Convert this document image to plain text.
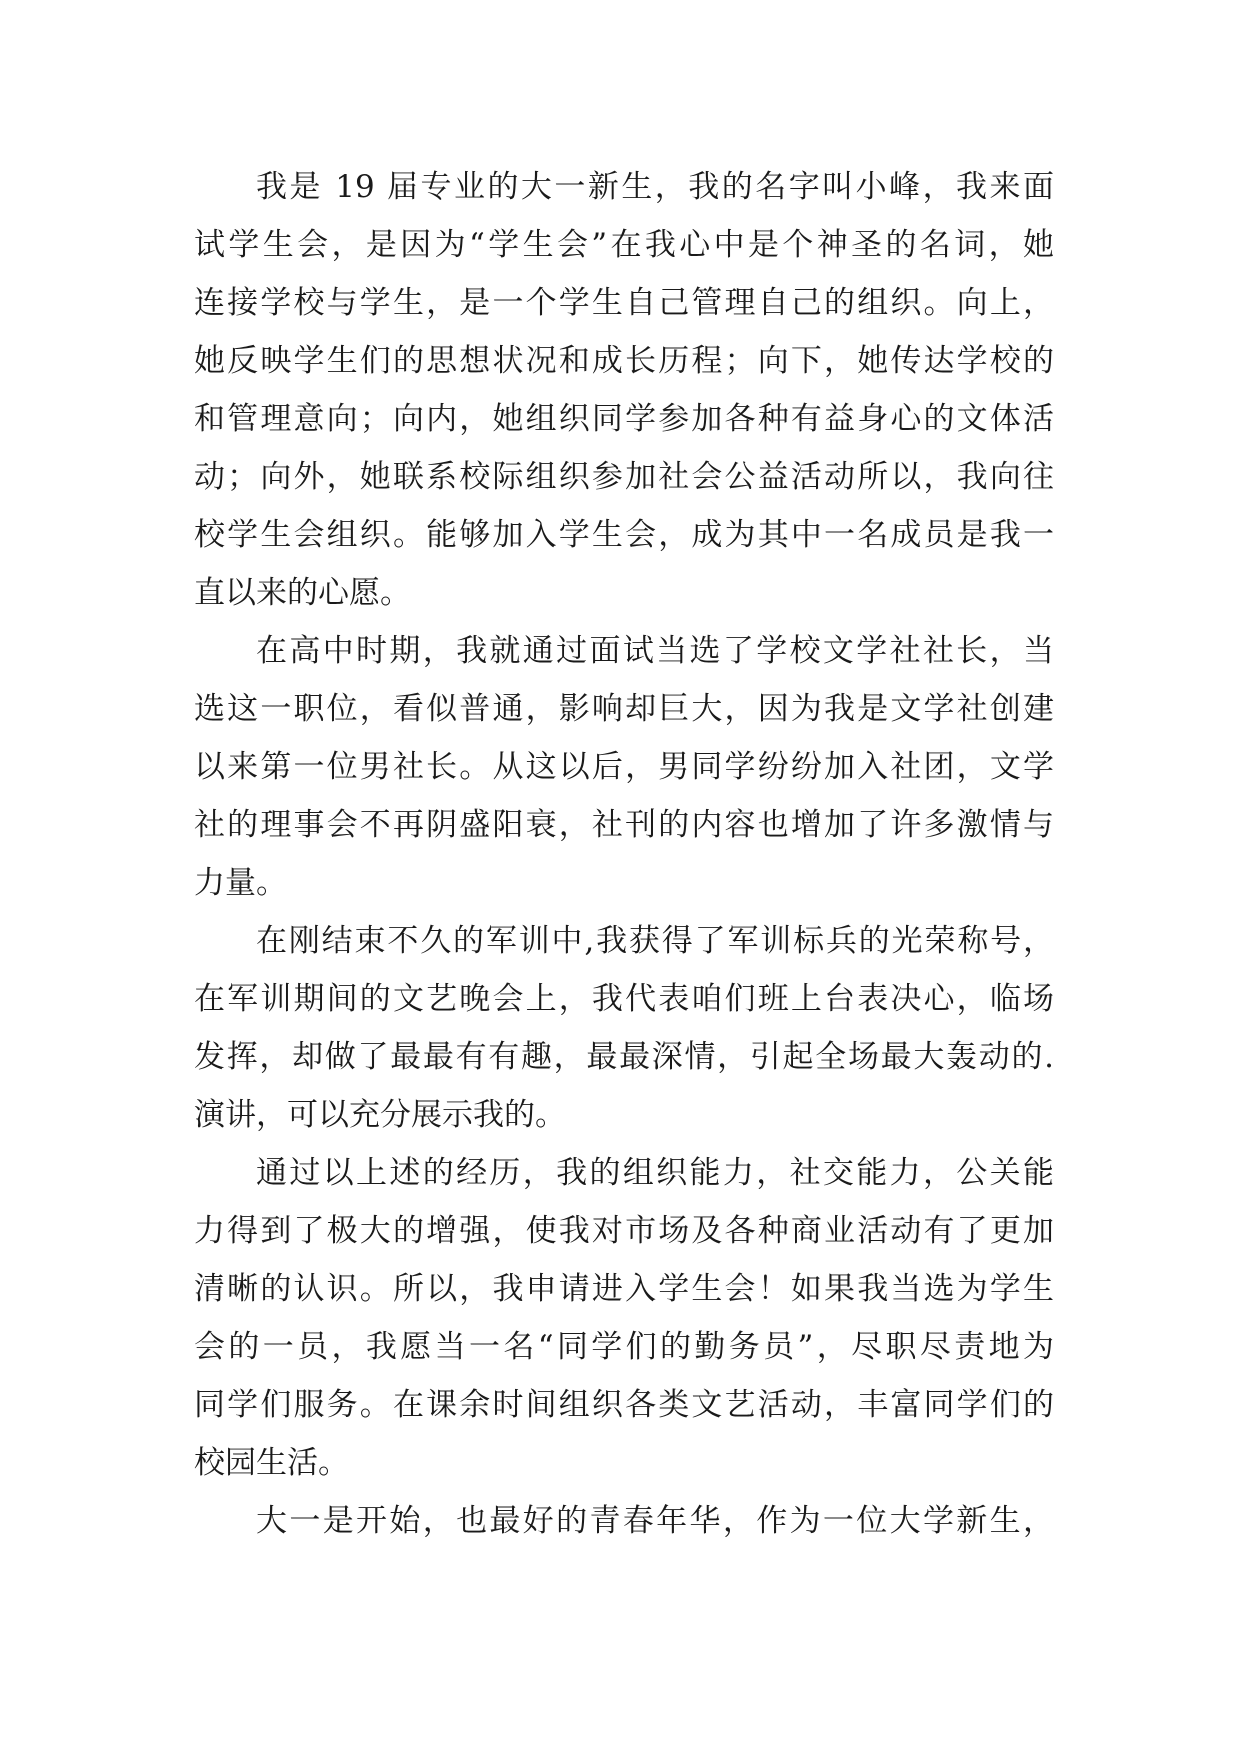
我是 19 届专业的大一新生，我的名字叫小峰，我来面
试学生会，是因为“学生会”在我心中是个神圣的名词，她
连接学校与学生，是一个学生自己管理自己的组织。向上，
她反映学生们的思想状况和成长历程；向下，她传达学校的
和管理意向；向内，她组织同学参加各种有益身心的文体活
动；向外，她联系校际组织参加社会公益活动所以，我向往
校学生会组织。能够加入学生会，成为其中一名成员是我一
直以来的心愿。
在高中时期，我就通过面试当选了学校文学社社长，当
选这一职位，看似普通，影响却巨大，因为我是文学社创建
以来第一位男社长。从这以后，男同学纷纷加入社团，文学
社的理事会不再阴盛阳衰，社刊的内容也增加了许多激情与
力量。
在刚结束不久的军训中,我获得了军训标兵的光荣称号，
在军训期间的文艺晚会上，我代表咱们班上台表决心，临场
发挥，却做了最最有有趣，最最深情，引起全场最大轰动的.
演讲，可以充分展示我的。
通过以上述的经历，我的组织能力，社交能力，公关能
力得到了极大的增强，使我对市场及各种商业活动有了更加
清晰的认识。所以，我申请进入学生会！如果我当选为学生
会的一员，我愿当一名“同学们的勤务员”，尽职尽责地为
同学们服务。在课余时间组织各类文艺活动，丰富同学们的
校园生活。
大一是开始，也最好的青春年华，作为一位大学新生，
